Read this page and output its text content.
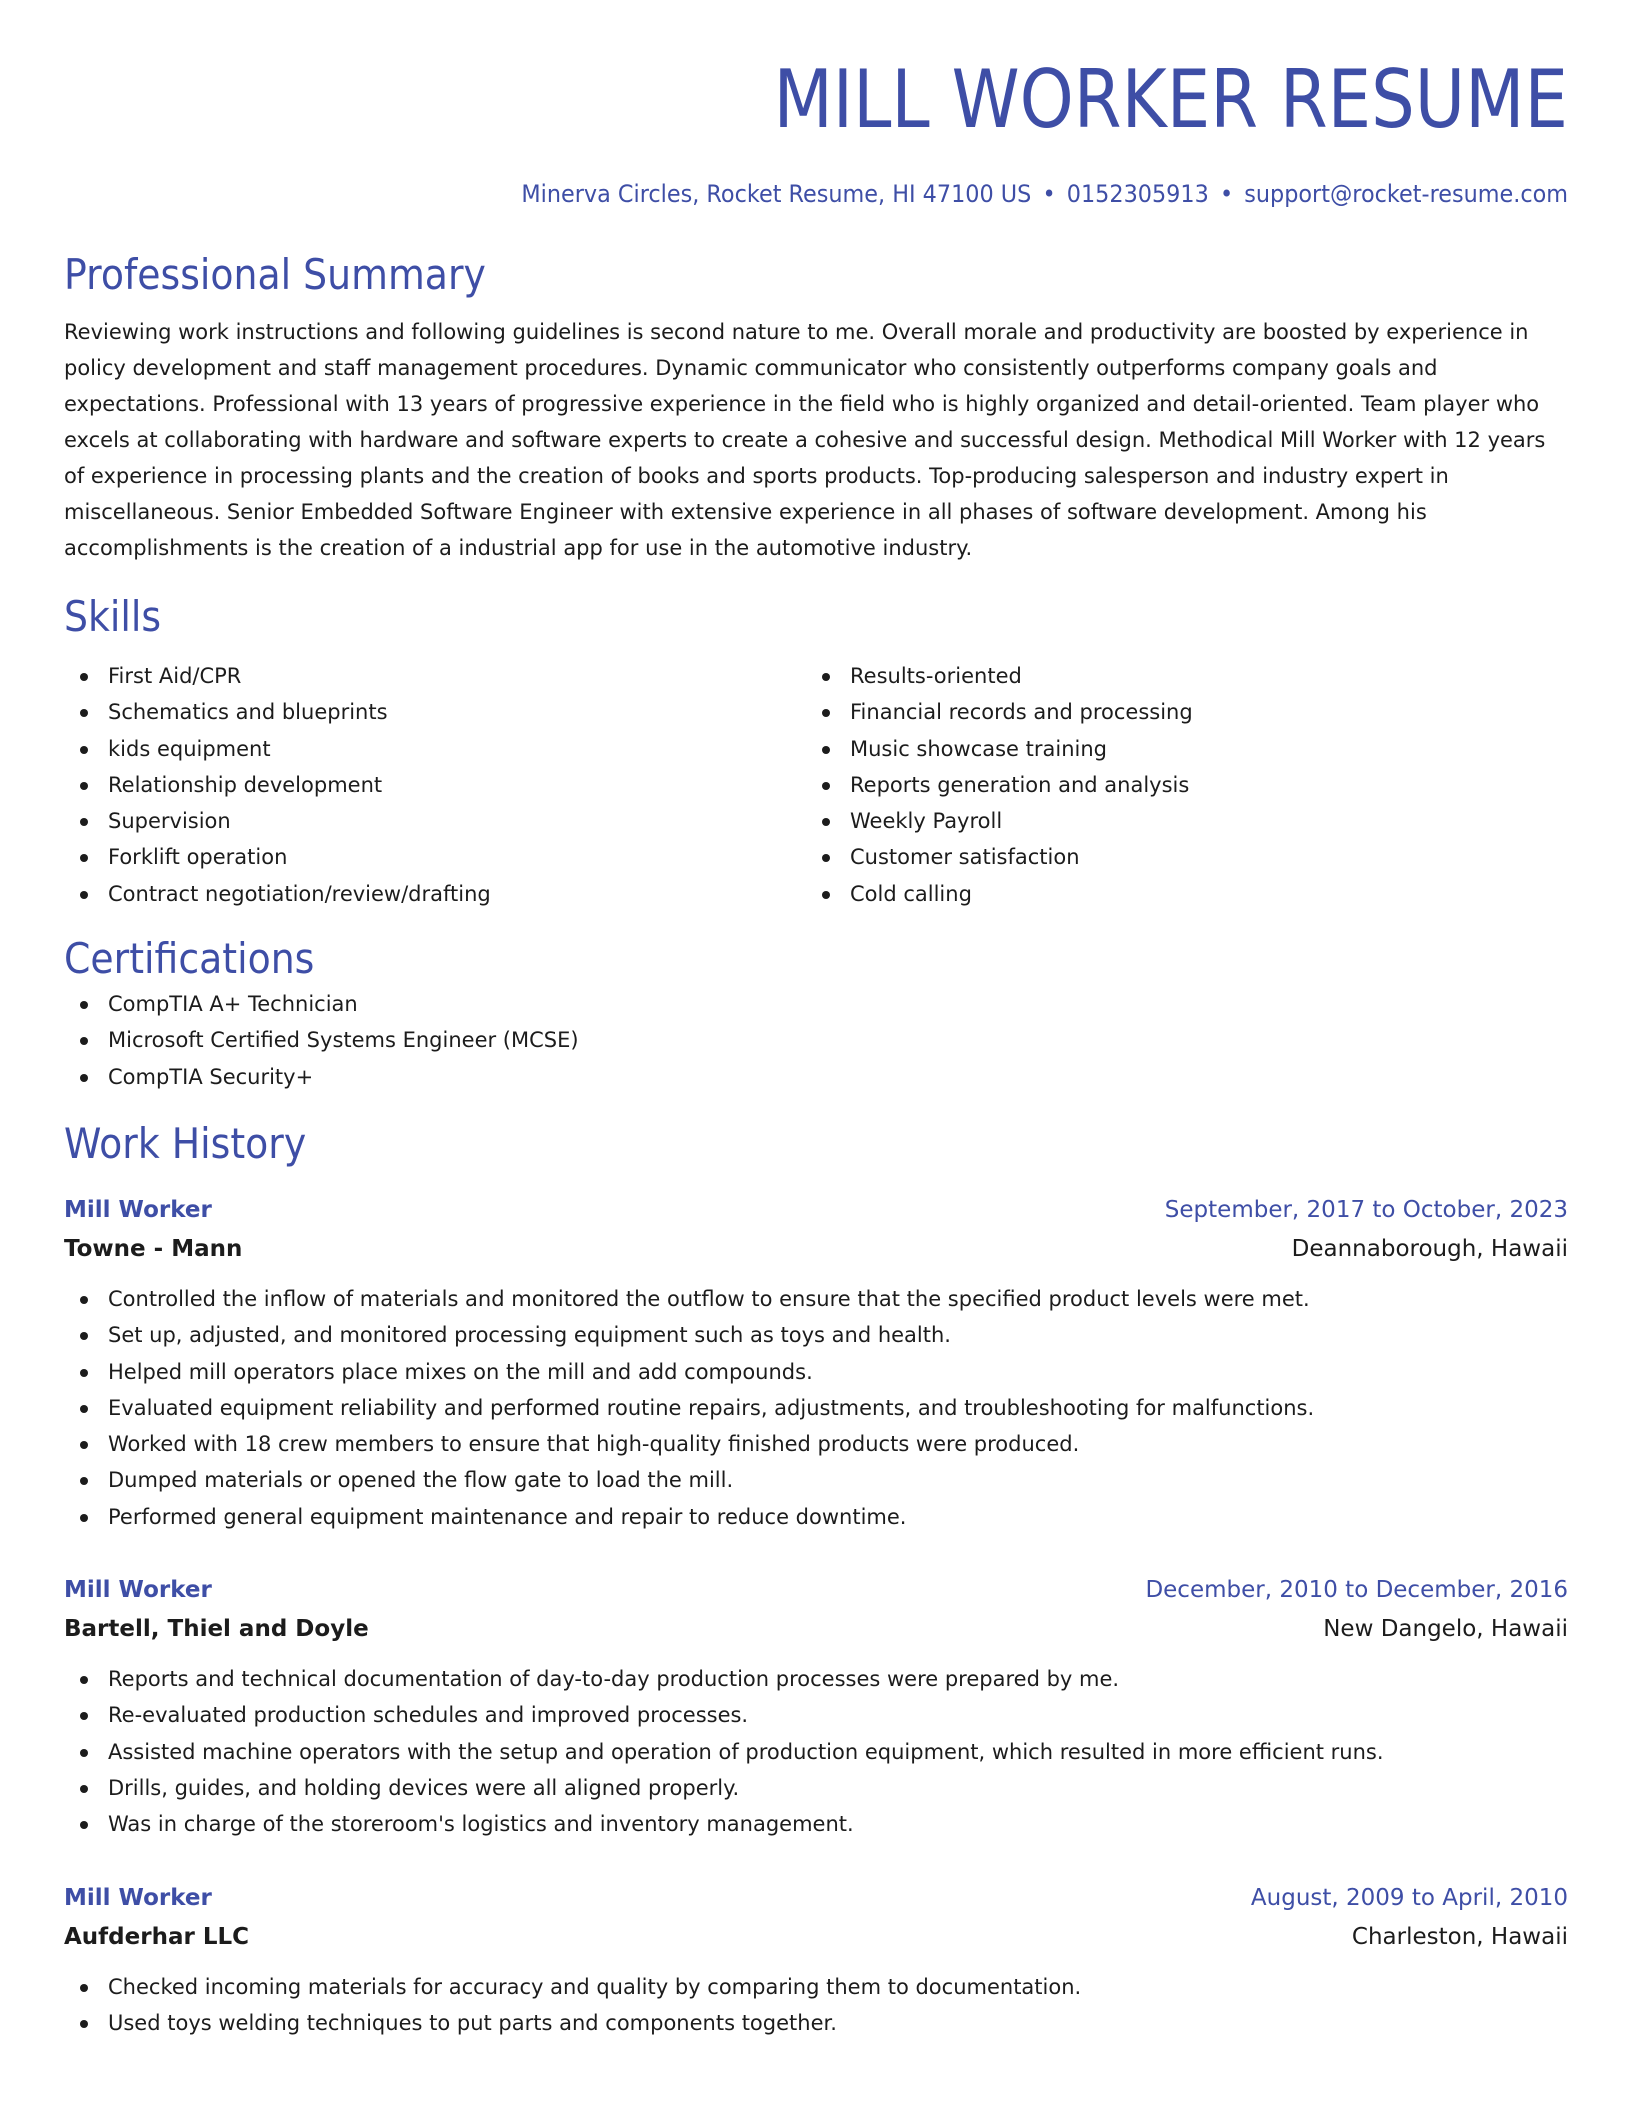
MILL WORKER RESUME
Minerva Circles, Rocket Resume, HI 47100 US • 0152305913 • support@rocket-resume.com
Professional Summary

Reviewing work instructions and following guidelines is second nature to me. Overall morale and productivity are boosted by experience in policy development and staff management procedures. Dynamic communicator who consistently outperforms company goals and expectations. Professional with 13 years of progressive experience in the field who is highly organized and detail-oriented. Team player who excels at collaborating with hardware and software experts to create a cohesive and successful design. Methodical Mill Worker with 12 years of experience in processing plants and the creation of books and sports products. Top-producing salesperson and industry expert in miscellaneous. Senior Embedded Software Engineer with extensive experience in all phases of software development. Among his accomplishments is the creation of a industrial app for use in the automotive industry.

Skills
First Aid/CPR
Schematics and blueprints
kids equipment
Relationship development
Supervision
Forklift operation
Contract negotiation/review/drafting
Results-oriented
Financial records and processing
Music showcase training
Reports generation and analysis
Weekly Payroll
Customer satisfaction
Cold calling
Certifications
CompTIA A+ Technician
Microsoft Certified Systems Engineer (MCSE)
CompTIA Security+
Work History
Mill Worker	September, 2017 to October, 2023
Towne - Mann	Deannaborough, Hawaii
Controlled the inflow of materials and monitored the outflow to ensure that the specified product levels were met.
Set up, adjusted, and monitored processing equipment such as toys and health.
Helped mill operators place mixes on the mill and add compounds.
Evaluated equipment reliability and performed routine repairs, adjustments, and troubleshooting for malfunctions.
Worked with 18 crew members to ensure that high-quality finished products were produced.
Dumped materials or opened the flow gate to load the mill.
Performed general equipment maintenance and repair to reduce downtime.
Mill Worker	December, 2010 to December, 2016
Bartell, Thiel and Doyle	New Dangelo, Hawaii
Reports and technical documentation of day-to-day production processes were prepared by me.
Re-evaluated production schedules and improved processes.
Assisted machine operators with the setup and operation of production equipment, which resulted in more efficient runs.
Drills, guides, and holding devices were all aligned properly.
Was in charge of the storeroom's logistics and inventory management.
Mill Worker	August, 2009 to April, 2010
Aufderhar LLC	Charleston, Hawaii
Checked incoming materials for accuracy and quality by comparing them to documentation.
Used toys welding techniques to put parts and components together.
